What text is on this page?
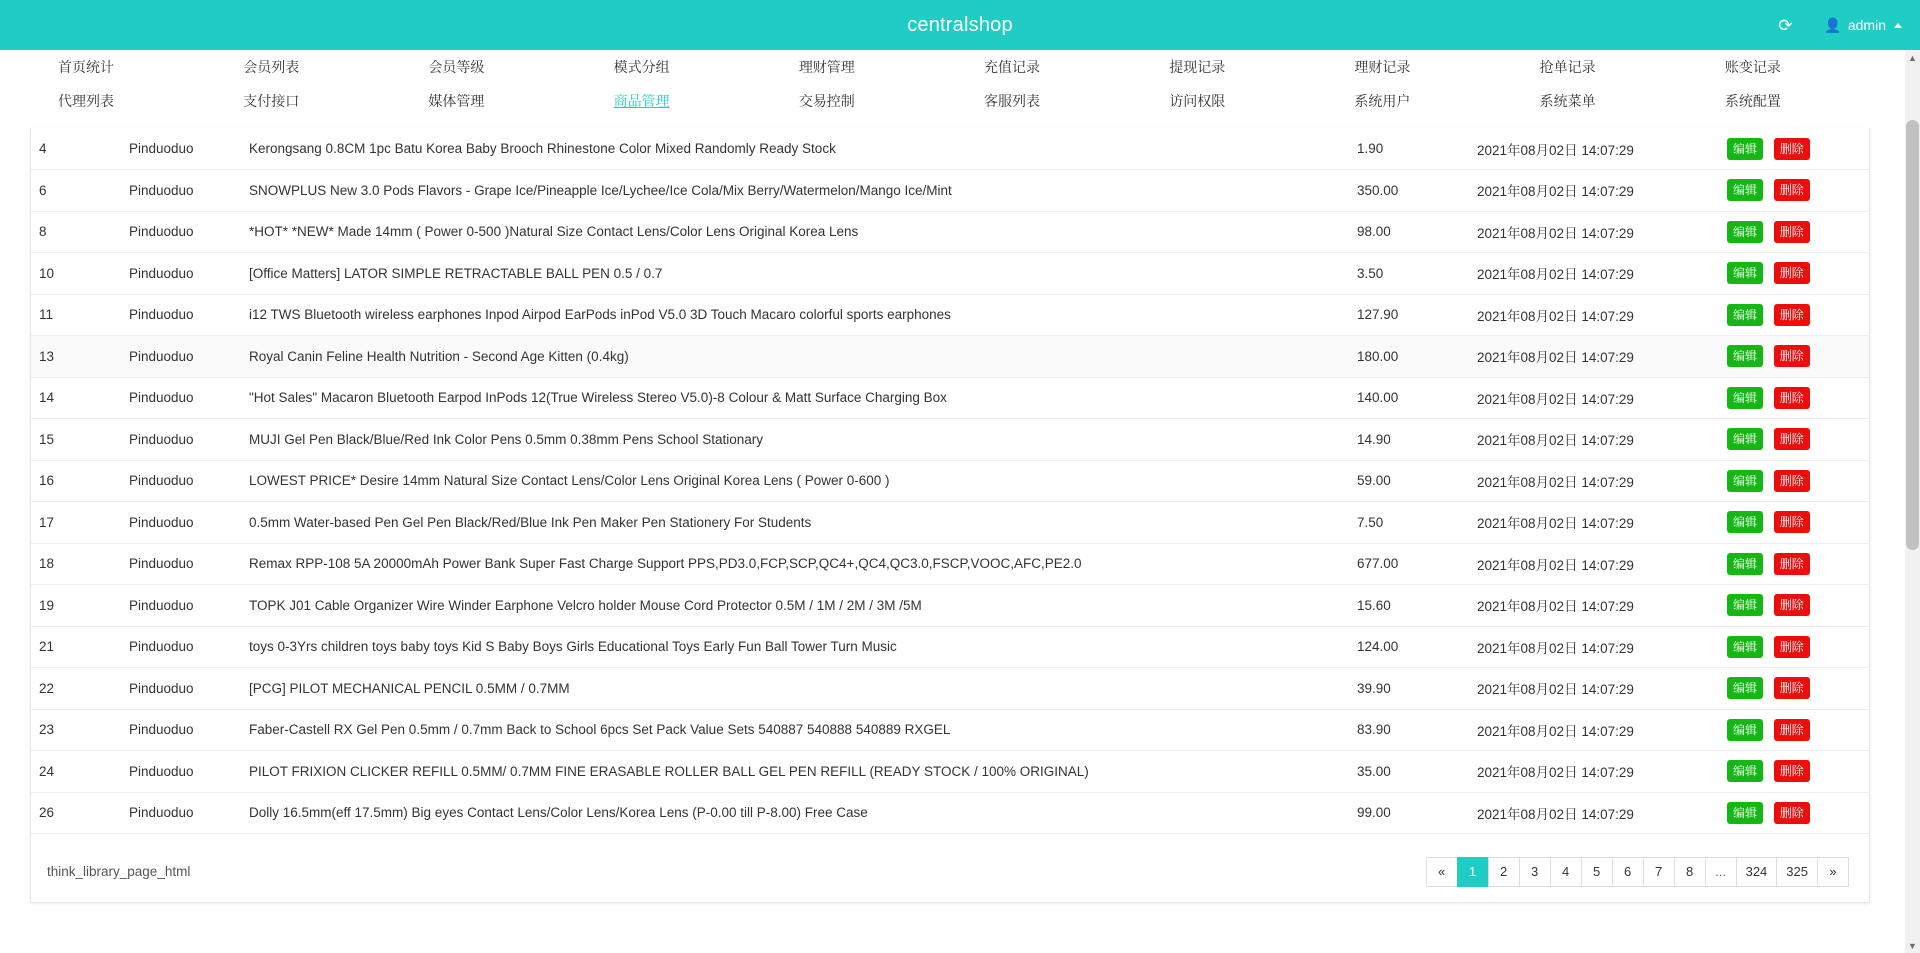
centralshop	⟳ 👤 admin
首页统计	会员列表	会员等级	模式分组	理财管理	充值记录	提现记录	理财记录	抢单记录	账变记录
代理列表	支付接口	媒体管理	商品管理	交易控制	客服列表	访问权限	系统用户	系统菜单	系统配置
4	Pinduoduo	Kerongsang 0.8CM 1pc Batu Korea Baby Brooch Rhinestone Color Mixed Randomly Ready Stock	1.90	2021年08月02日 14:07:29	编辑 删除
6	Pinduoduo	SNOWPLUS New 3.0 Pods Flavors - Grape Ice/Pineapple Ice/Lychee/Ice Cola/Mix Berry/Watermelon/Mango Ice/Mint	350.00	2021年08月02日 14:07:29	编辑 删除
8	Pinduoduo	*HOT* *NEW* Made 14mm ( Power 0-500 )Natural Size Contact Lens/Color Lens Original Korea Lens	98.00	2021年08月02日 14:07:29	编辑 删除
10	Pinduoduo	[Office Matters] LATOR SIMPLE RETRACTABLE BALL PEN 0.5 / 0.7	3.50	2021年08月02日 14:07:29	编辑 删除
11	Pinduoduo	i12 TWS Bluetooth wireless earphones Inpod Airpod EarPods inPod V5.0 3D Touch Macaro colorful sports earphones	127.90	2021年08月02日 14:07:29	编辑 删除
13	Pinduoduo	Royal Canin Feline Health Nutrition - Second Age Kitten (0.4kg)	180.00	2021年08月02日 14:07:29	编辑 删除
14	Pinduoduo	"Hot Sales" Macaron Bluetooth Earpod InPods 12(True Wireless Stereo V5.0)-8 Colour & Matt Surface Charging Box	140.00	2021年08月02日 14:07:29	编辑 删除
15	Pinduoduo	MUJI Gel Pen Black/Blue/Red Ink Color Pens 0.5mm 0.38mm Pens School Stationary	14.90	2021年08月02日 14:07:29	编辑 删除
16	Pinduoduo	LOWEST PRICE* Desire 14mm Natural Size Contact Lens/Color Lens Original Korea Lens ( Power 0-600 )	59.00	2021年08月02日 14:07:29	编辑 删除
17	Pinduoduo	0.5mm Water-based Pen Gel Pen Black/Red/Blue Ink Pen Maker Pen Stationery For Students	7.50	2021年08月02日 14:07:29	编辑 删除
18	Pinduoduo	Remax RPP-108 5A 20000mAh Power Bank Super Fast Charge Support PPS,PD3.0,FCP,SCP,QC4+,QC4,QC3.0,FSCP,VOOC,AFC,PE2.0	677.00	2021年08月02日 14:07:29	编辑 删除
19	Pinduoduo	TOPK J01 Cable Organizer Wire Winder Earphone Velcro holder Mouse Cord Protector 0.5M / 1M / 2M / 3M /5M	15.60	2021年08月02日 14:07:29	编辑 删除
21	Pinduoduo	toys 0-3Yrs children toys baby toys Kid S Baby Boys Girls Educational Toys Early Fun Ball Tower Turn Music	124.00	2021年08月02日 14:07:29	编辑 删除
22	Pinduoduo	[PCG] PILOT MECHANICAL PENCIL 0.5MM / 0.7MM	39.90	2021年08月02日 14:07:29	编辑 删除
23	Pinduoduo	Faber-Castell RX Gel Pen 0.5mm / 0.7mm Back to School 6pcs Set Pack Value Sets 540887 540888 540889 RXGEL	83.90	2021年08月02日 14:07:29	编辑 删除
24	Pinduoduo	PILOT FRIXION CLICKER REFILL 0.5MM/ 0.7MM FINE ERASABLE ROLLER BALL GEL PEN REFILL (READY STOCK / 100% ORIGINAL)	35.00	2021年08月02日 14:07:29	编辑 删除
26	Pinduoduo	Dolly 16.5mm(eff 17.5mm) Big eyes Contact Lens/Color Lens/Korea Lens (P-0.00 till P-8.00) Free Case	99.00	2021年08月02日 14:07:29	编辑 删除
think_library_page_html	«	1	2	3	4	5	6	7	8	...	324	325	»
▲
▼
